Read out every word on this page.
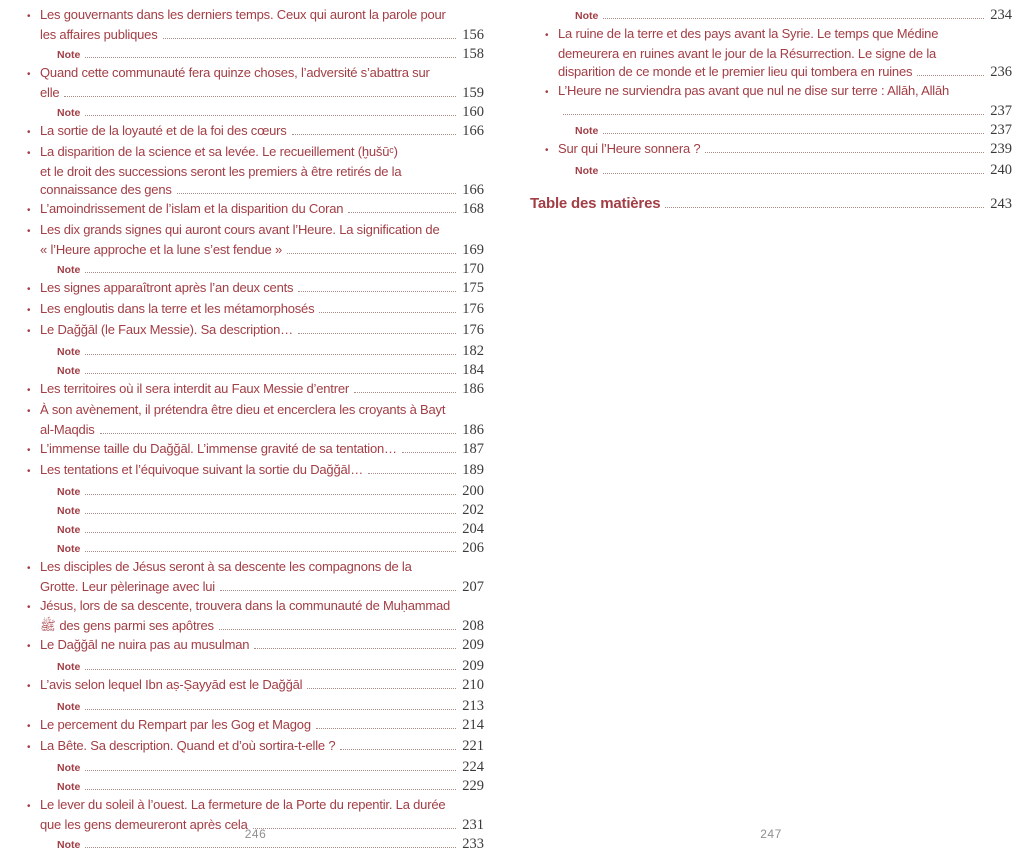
• Les gouvernants dans les derniers temps. Ceux qui auront la parole pour
les affaires publiques	156
Note	158
• Quand cette communauté fera quinze choses, l’adversité s’abattra sur
elle	159
Note	160
• La sortie de la loyauté et de la foi des cœurs	166
• La disparition de la science et sa levée. Le recueillement (ḫušūᶜ)
et le droit des successions seront les premiers à être retirés de la
connaissance des gens	166
• L’amoindrissement de l’islam et la disparition du Coran	168
• Les dix grands signes qui auront cours avant l’Heure. La signification de
« l’Heure approche et la lune s’est fendue »	169
Note	170
• Les signes apparaîtront après l’an deux cents	175
• Les engloutis dans la terre et les métamorphosés	176
• Le Dağğāl (le Faux Messie). Sa description…	176
Note	182
Note	184
• Les territoires où il sera interdit au Faux Messie d’entrer	186
• À son avènement, il prétendra être dieu et encerclera les croyants à Bayt
al-Maqdis	186
• L’immense taille du Dağğāl. L’immense gravité de sa tentation…	187
• Les tentations et l’équivoque suivant la sortie du Dağğāl…	189
Note	200
Note	202
Note	204
Note	206
• Les disciples de Jésus seront à sa descente les compagnons de la
Grotte. Leur pèlerinage avec lui	207
• Jésus, lors de sa descente, trouvera dans la communauté de Muḥammad
ﷺ des gens parmi ses apôtres	208
• Le Dağğāl ne nuira pas au musulman	209
Note	209
• L’avis selon lequel Ibn aṣ-Ṣayyād est le Dağğāl	210
Note	213
• Le percement du Rempart par les Gog et Magog	214
• La Bête. Sa description. Quand et d’où sortira-t-elle ?	221
Note	224
Note	229
• Le lever du soleil à l’ouest. La fermeture de la Porte du repentir. La durée
que les gens demeureront après cela	231
Note	233
Note	234
• La ruine de la terre et des pays avant la Syrie. Le temps que Médine
demeurera en ruines avant le jour de la Résurrection. Le signe de la
disparition de ce monde et le premier lieu qui tombera en ruines	236
• L’Heure ne surviendra pas avant que nul ne dise sur terre : Allāh, Allāh
237
Note	237
• Sur qui l’Heure sonnera ?	239
Note	240
Table des matières	243
246	247
